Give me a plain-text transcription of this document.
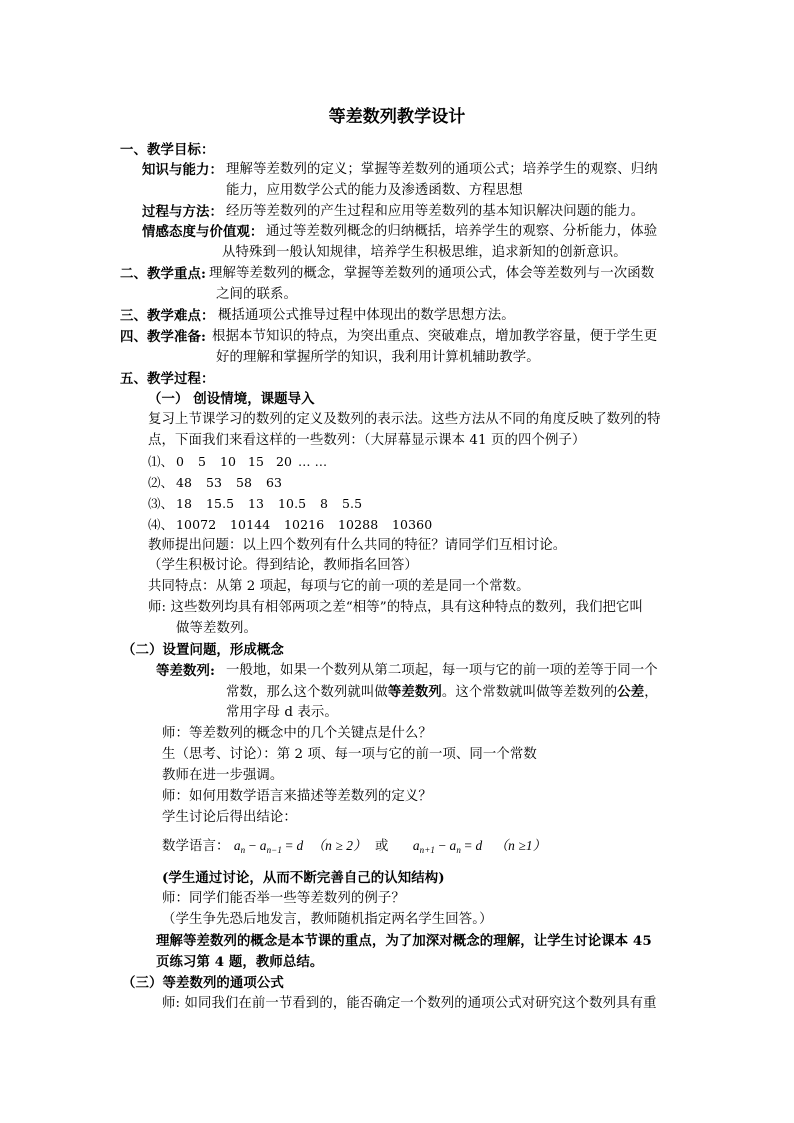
等差数列教学设计
一、教学目标：
知识与能力： 理解等差数列的定义；掌握等差数列的通项公式；培养学生的观察、归纳
能力，应用数学公式的能力及渗透函数、方程思想
过程与方法： 经历等差数列的产生过程和应用等差数列的基本知识解决问题的能力。
情感态度与价值观： 通过等差数列概念的归纳概括，培养学生的观察、分析能力，体验
从特殊到一般认知规律，培养学生积极思维，追求新知的创新意识。
二、教学重点: 理解等差数列的概念，掌握等差数列的通项公式，体会等差数列与一次函数
之间的联系。
三、教学难点： 概括通项公式推导过程中体现出的数学思想方法。
四、教学准备: 根据本节知识的特点，为突出重点、突破难点，增加教学容量，便于学生更
好的理解和掌握所学的知识，我利用计算机辅助教学。
五、教学过程：
（一） 创设情境，课题导入
复习上节课学习的数列的定义及数列的表示法。这些方法从不同的角度反映了数列的特
点，下面我们来看这样的一些数列：（大屏幕显示课本 41 页的四个例子）
⑴、 0 5 10 15 20 … …
⑵、 48 53 58 63
⑶、 18 15.5 13 10.5 8 5.5
⑷、 10072 10144 10216 10288 10360
教师提出问题：以上四个数列有什么共同的特征？请同学们互相讨论。
（学生积极讨论。得到结论，教师指名回答）
共同特点：从第 2 项起，每项与它的前一项的差是同一个常数。
师: 这些数列均具有相邻两项之差“相等”的特点，具有这种特点的数列，我们把它叫
做等差数列。
（二）设置问题，形成概念
等差数列: 一般地，如果一个数列从第二项起，每一项与它的前一项的差等于同一个
常数，那么这个数列就叫做等差数列。这个常数就叫做等差数列的公差，
常用字母 d 表示。
师：等差数列的概念中的几个关键点是什么？
生（思考、讨论）：第 2 项、每一项与它的前一项、同一个常数
教师在进一步强调。
师：如何用数学语言来描述等差数列的定义？
学生讨论后得出结论：
数学语言： $a_n - a_{n-1} = d$ （n ≥ 2） 或 $a_{n+1} - a_n = d$ （n ≥1）
(学生通过讨论，从而不断完善自己的认知结构)
师：同学们能否举一些等差数列的例子？
（学生争先恐后地发言，教师随机指定两名学生回答。）
理解等差数列的概念是本节课的重点，为了加深对概念的理解，让学生讨论课本 45
页练习第 4 题，教师总结。
（三）等差数列的通项公式
师: 如同我们在前一节看到的，能否确定一个数列的通项公式对研究这个数列具有重
